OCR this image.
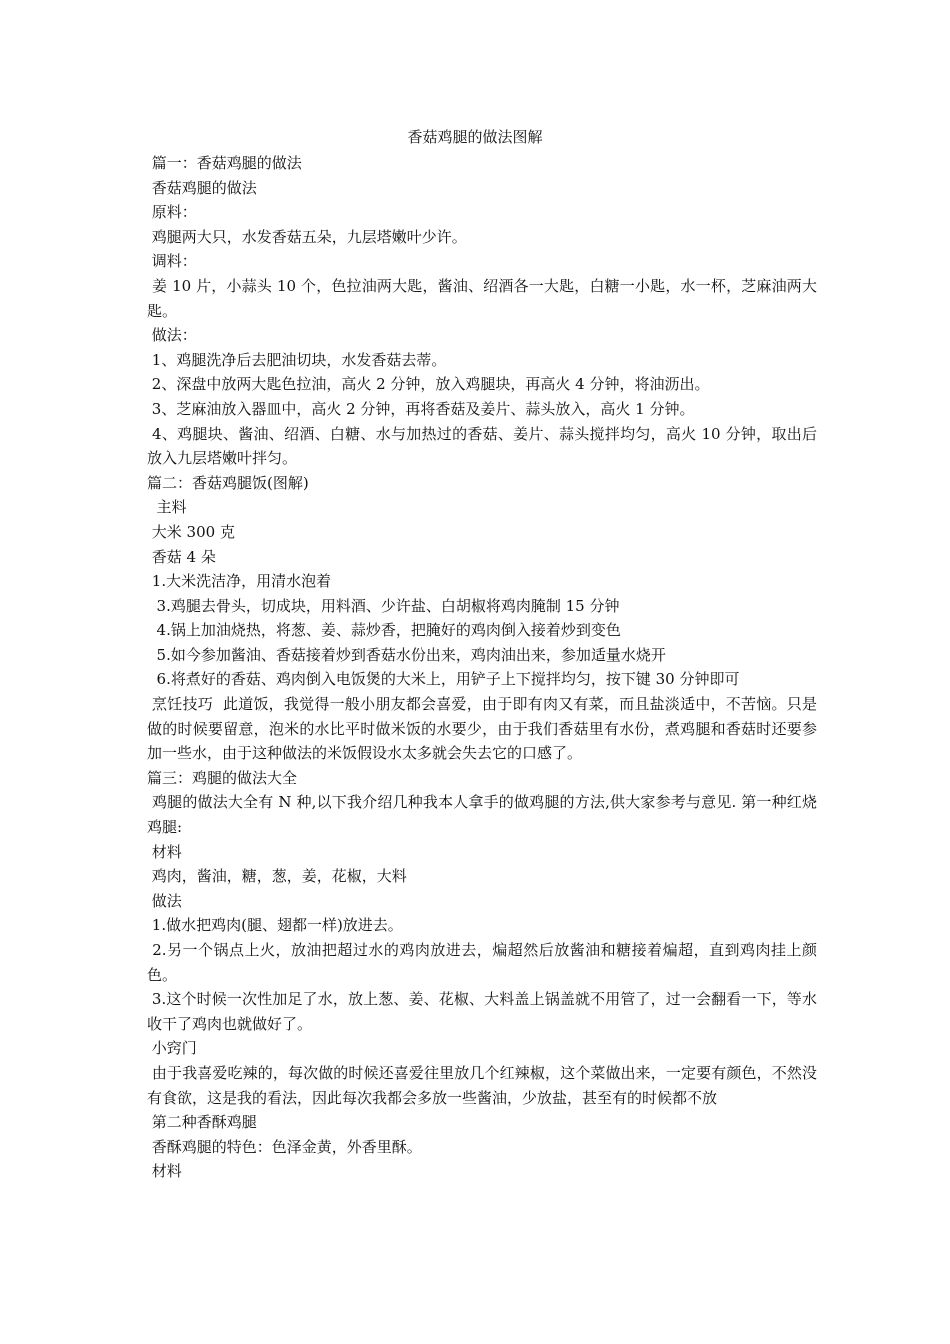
香菇鸡腿的做法图解

篇一：香菇鸡腿的做法

香菇鸡腿的做法

原料：

鸡腿两大只，水发香菇五朵，九层塔嫩叶少许。

调料：

姜 10 片，小蒜头 10 个，色拉油两大匙，酱油、绍酒各一大匙，白糖一小匙，水一杯，芝麻油两大匙。

做法：

1、鸡腿洗净后去肥油切块，水发香菇去蒂。

2、深盘中放两大匙色拉油，高火 2 分钟，放入鸡腿块，再高火 4 分钟，将油沥出。

3、芝麻油放入器皿中，高火 2 分钟，再将香菇及姜片、蒜头放入，高火 1 分钟。

4、鸡腿块、酱油、绍酒、白糖、水与加热过的香菇、姜片、蒜头搅拌均匀，高火 10 分钟，取出后放入九层塔嫩叶拌匀。

篇二：香菇鸡腿饭(图解)

主料

大米 300 克

香菇 4 朵

1.大米洗洁净，用清水泡着

3.鸡腿去骨头，切成块，用料酒、少许盐、白胡椒将鸡肉腌制 15 分钟

4.锅上加油烧热，将葱、姜、蒜炒香，把腌好的鸡肉倒入接着炒到变色

5.如今参加酱油、香菇接着炒到香菇水份出来，鸡肉油出来，参加适量水烧开

6.将煮好的香菇、鸡肉倒入电饭煲的大米上，用铲子上下搅拌均匀，按下键 30 分钟即可

烹饪技巧  此道饭，我觉得一般小朋友都会喜爱，由于即有肉又有菜，而且盐淡适中，不苦恼。只是做的时候要留意，泡米的水比平时做米饭的水要少，由于我们香菇里有水份，煮鸡腿和香菇时还要参加一些水，由于这种做法的米饭假设水太多就会失去它的口感了。

篇三：鸡腿的做法大全

鸡腿的做法大全有 N 种,以下我介绍几种我本人拿手的做鸡腿的方法,供大家参考与意见. 第一种红烧鸡腿:

材料

鸡肉，酱油，糖，葱，姜，花椒，大料

做法

1.做水把鸡肉(腿、翅都一样)放进去。

2.另一个锅点上火，放油把超过水的鸡肉放进去，煸超然后放酱油和糖接着煸超，直到鸡肉挂上颜色。

3.这个时候一次性加足了水，放上葱、姜、花椒、大料盖上锅盖就不用管了，过一会翻看一下，等水收干了鸡肉也就做好了。

小窍门

由于我喜爱吃辣的，每次做的时候还喜爱往里放几个红辣椒，这个菜做出来，一定要有颜色，不然没有食欲，这是我的看法，因此每次我都会多放一些酱油，少放盐，甚至有的时候都不放

第二种香酥鸡腿

香酥鸡腿的特色：色泽金黄，外香里酥。

材料
